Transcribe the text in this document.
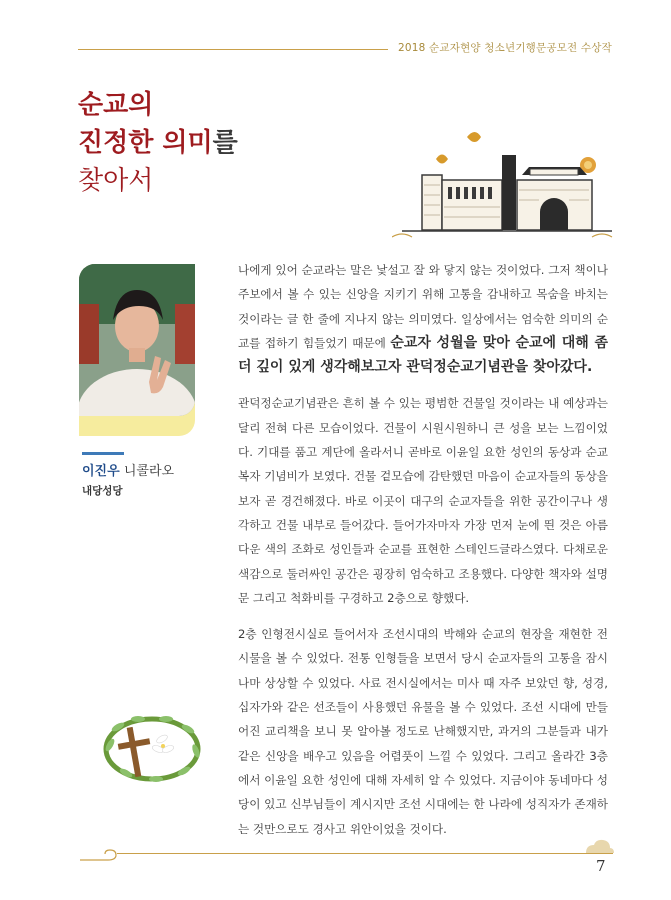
2018 순교자현양 청소년기행문공모전 수상작
순교의
진정한 의미를
찾아서
이진우 니콜라오
내당성당

나에게 있어 순교라는 말은 낯설고 잘 와 닿지 않는 것이었다. 그저 책이나 주보에서 볼 수 있는 신앙을 지키기 위해 고통을 감내하고 목숨을 바치는 것이라는 글 한 줄에 지나지 않는 의미였다. 일상에서는 엄숙한 의미의 순교를 접하기 힘들었기 때문에 순교자 성월을 맞아 순교에 대해 좀 더 깊이 있게 생각해보고자 관덕정순교기념관을 찾아갔다.

관덕정순교기념관은 흔히 볼 수 있는 평범한 건물일 것이라는 내 예상과는 달리 전혀 다른 모습이었다. 건물이 시원시원하니 큰 성을 보는 느낌이었다. 기대를 품고 계단에 올라서니 곧바로 이윤일 요한 성인의 동상과 순교 복자 기념비가 보였다. 건물 겉모습에 감탄했던 마음이 순교자들의 동상을 보자 곧 경건해졌다. 바로 이곳이 대구의 순교자들을 위한 공간이구나 생각하고 건물 내부로 들어갔다. 들어가자마자 가장 먼저 눈에 띈 것은 아름다운 색의 조화로 성인들과 순교를 표현한 스테인드글라스였다. 다채로운 색감으로 둘러싸인 공간은 굉장히 엄숙하고 조용했다. 다양한 책자와 설명문 그리고 척화비를 구경하고 2층으로 향했다.

2층 인형전시실로 들어서자 조선시대의 박해와 순교의 현장을 재현한 전시물을 볼 수 있었다. 전통 인형들을 보면서 당시 순교자들의 고통을 잠시나마 상상할 수 있었다. 사료 전시실에서는 미사 때 자주 보았던 향, 성경, 십자가와 같은 선조들이 사용했던 유물을 볼 수 있었다. 조선 시대에 만들어진 교리책을 보니 못 알아볼 정도로 난해했지만, 과거의 그분들과 내가 같은 신앙을 배우고 있음을 어렴풋이 느낄 수 있었다. 그리고 올라간 3층에서 이윤일 요한 성인에 대해 자세히 알 수 있었다. 지금이야 동네마다 성당이 있고 신부님들이 계시지만 조선 시대에는 한 나라에 성직자가 존재하는 것만으로도 경사고 위안이었을 것이다.

7
